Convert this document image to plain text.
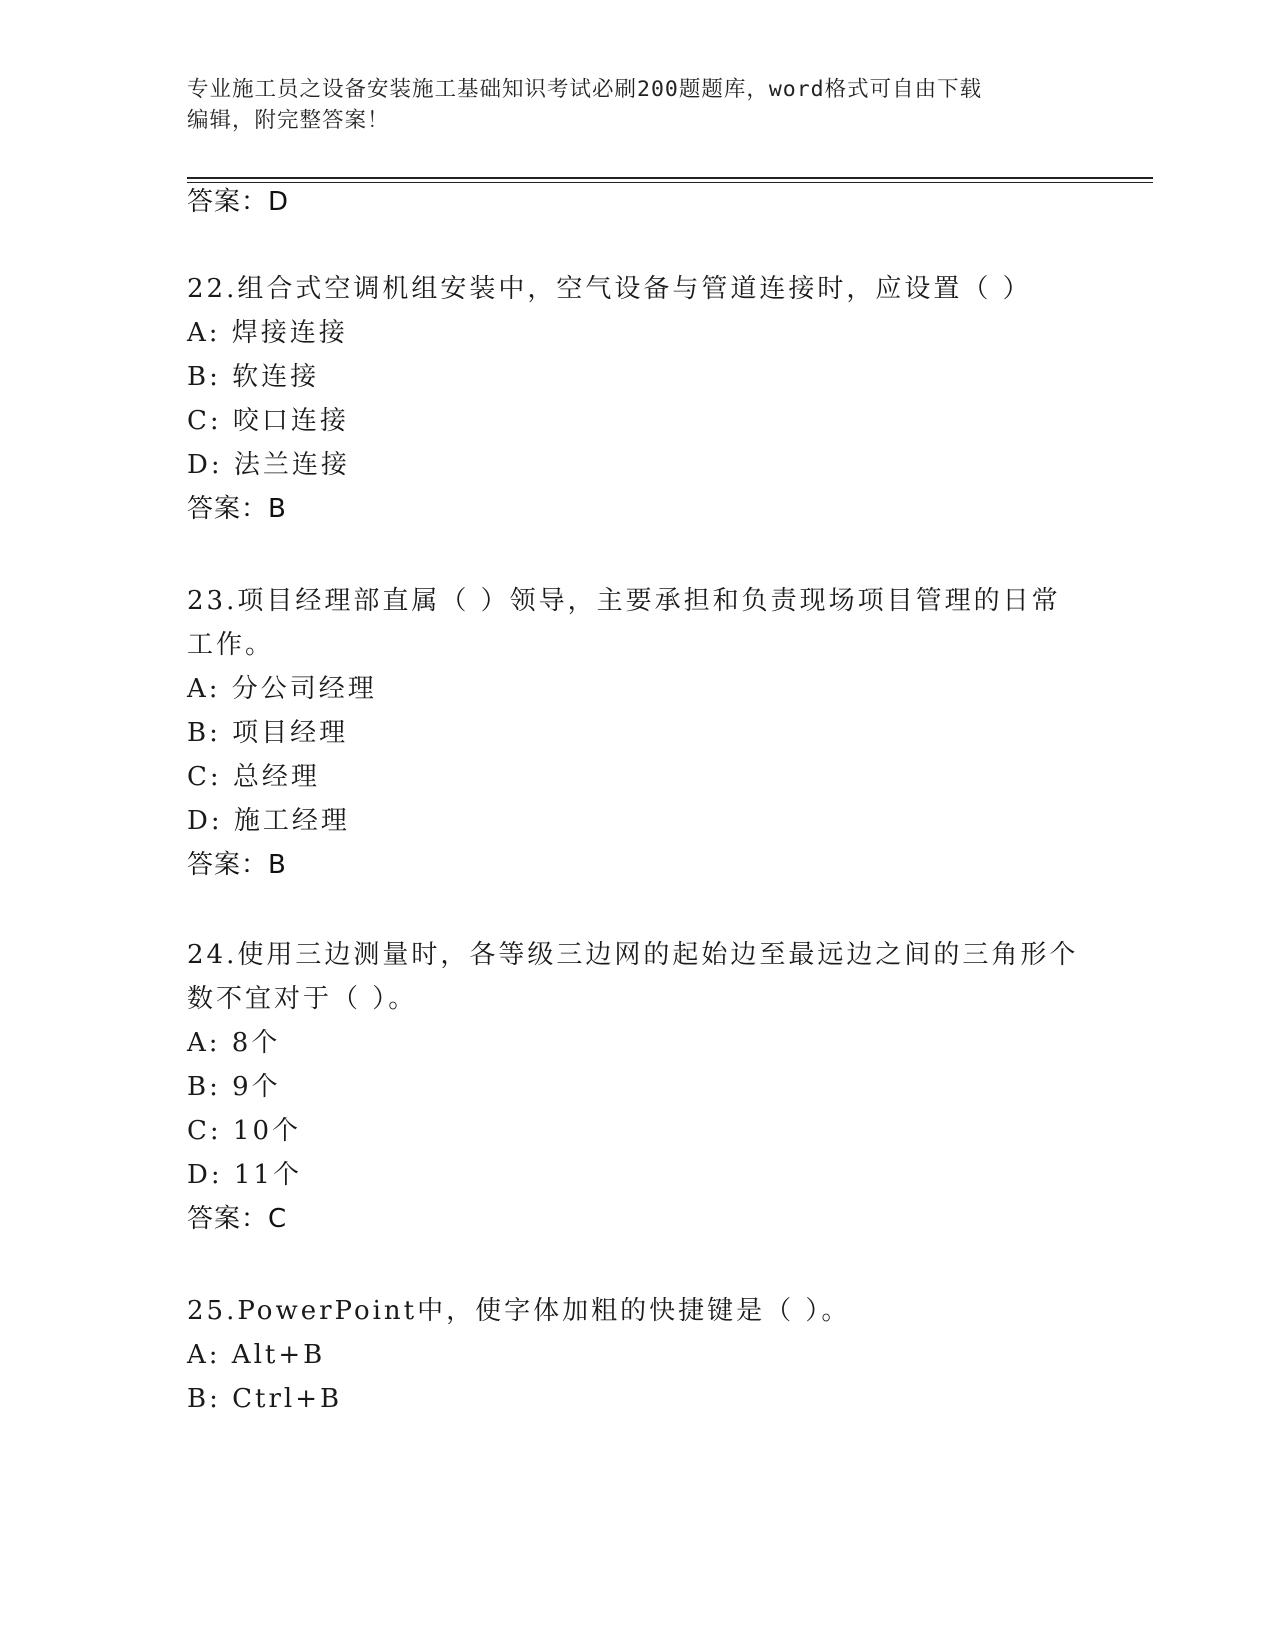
专业施工员之设备安装施工基础知识考试必刷200题题库，word格式可自由下载
编辑，附完整答案！
答案：D
22.组合式空调机组安装中，空气设备与管道连接时，应设置（ ）
A: 焊接连接
B: 软连接
C: 咬口连接
D: 法兰连接
答案：B
23.项目经理部直属（ ）领导，主要承担和负责现场项目管理的日常
工作。
A: 分公司经理
B: 项目经理
C: 总经理
D: 施工经理
答案：B
24.使用三边测量时，各等级三边网的起始边至最远边之间的三角形个
数不宜对于（ ）。
A: 8个
B: 9个
C: 10个
D: 11个
答案：C
25.PowerPoint中，使字体加粗的快捷键是（ ）。
A: Alt+B
B: Ctrl+B
